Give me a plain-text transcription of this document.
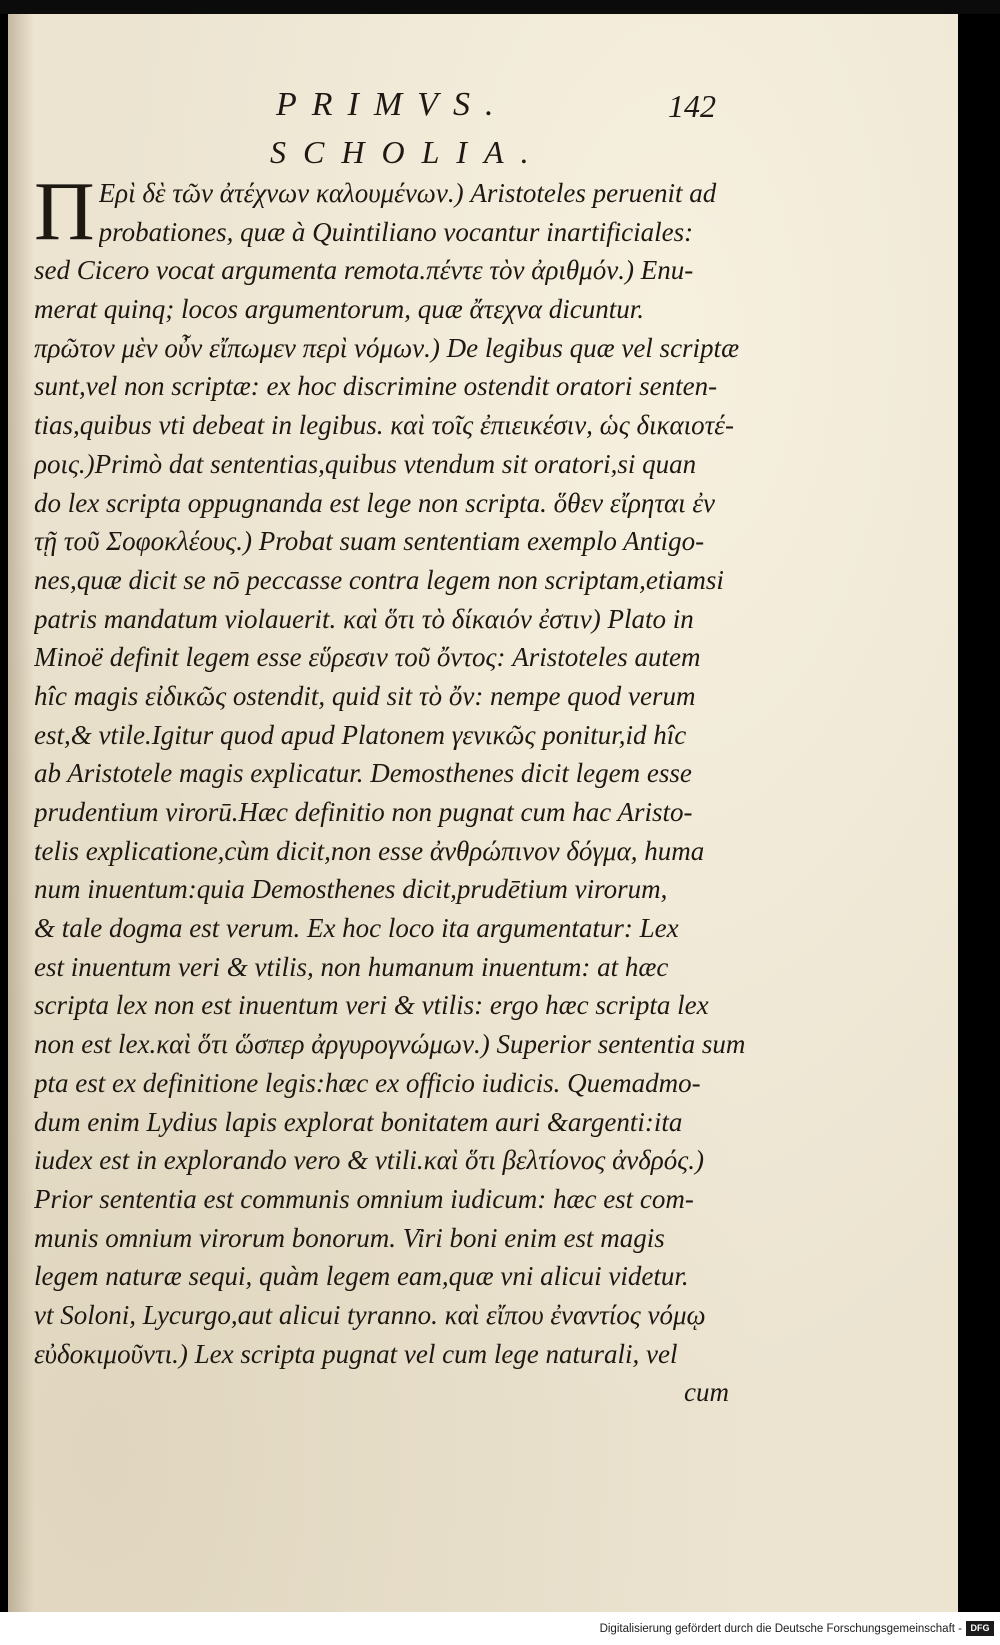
PRIMVS.	142
SCHOLIA.
Π Ερὶ δὲ τῶν ἀτέχνων καλουμένων.) Aristoteles peruenit ad
probationes, quæ à Quintiliano vocantur inartificiales:
sed Cicero vocat argumenta remota.πέντε τὸν ἀριθμόν.) Enu-
merat quinq; locos argumentorum, quæ ἄτεχνα dicuntur.
πρῶτον μὲν οὖν εἴπωμεν περὶ νόμων.) De legibus quæ vel scriptæ
sunt,vel non scriptæ: ex hoc discrimine ostendit oratori senten-
tias,quibus vti debeat in legibus. καὶ τοῖς ἐπιεικέσιν, ὡς δικαιοτέ-
ροις.)Primò dat sententias,quibus vtendum sit oratori,si quan
do lex scripta oppugnanda est lege non scripta. ὅθεν εἴρηται ἐν
τῇ τοῦ Σοφοκλέους.) Probat suam sententiam exemplo Antigo-
nes,quæ dicit se nō peccasse contra legem non scriptam,etiamsi
patris mandatum violauerit. καὶ ὅτι τὸ δίκαιόν ἐστιν) Plato in
Minoë definit legem esse εὕρεσιν τοῦ ὄντος: Aristoteles autem
hîc magis εἰδικῶς ostendit, quid sit τὸ ὄν: nempe quod verum
est,& vtile.Igitur quod apud Platonem γενικῶς ponitur,id hîc
ab Aristotele magis explicatur. Demosthenes dicit legem esse
prudentium virorū.Hæc definitio non pugnat cum hac Aristo-
telis explicatione,cùm dicit,non esse ἀνθρώπινον δόγμα, huma
num inuentum:quia Demosthenes dicit,prudētium virorum,
& tale dogma est verum. Ex hoc loco ita argumentatur: Lex
est inuentum veri & vtilis, non humanum inuentum: at hæc
scripta lex non est inuentum veri & vtilis: ergo hæc scripta lex
non est lex.καὶ ὅτι ὥσπερ ἀργυρογνώμων.) Superior sententia sum
pta est ex definitione legis:hæc ex officio iudicis. Quemadmo-
dum enim Lydius lapis explorat bonitatem auri &argenti:ita
iudex est in explorando vero & vtili.καὶ ὅτι βελτίονος ἀνδρός.)
Prior sententia est communis omnium iudicum: hæc est com-
munis omnium virorum bonorum. Viri boni enim est magis
legem naturæ sequi, quàm legem eam,quæ vni alicui videtur.
vt Soloni, Lycurgo,aut alicui tyranno. καὶ εἴπου ἐναντίος νόμῳ
εὐδοκιμοῦντι.) Lex scripta pugnat vel cum lege naturali, vel
cum
Digitalisierung gefördert durch die Deutsche Forschungsgemeinschaft - DFG
